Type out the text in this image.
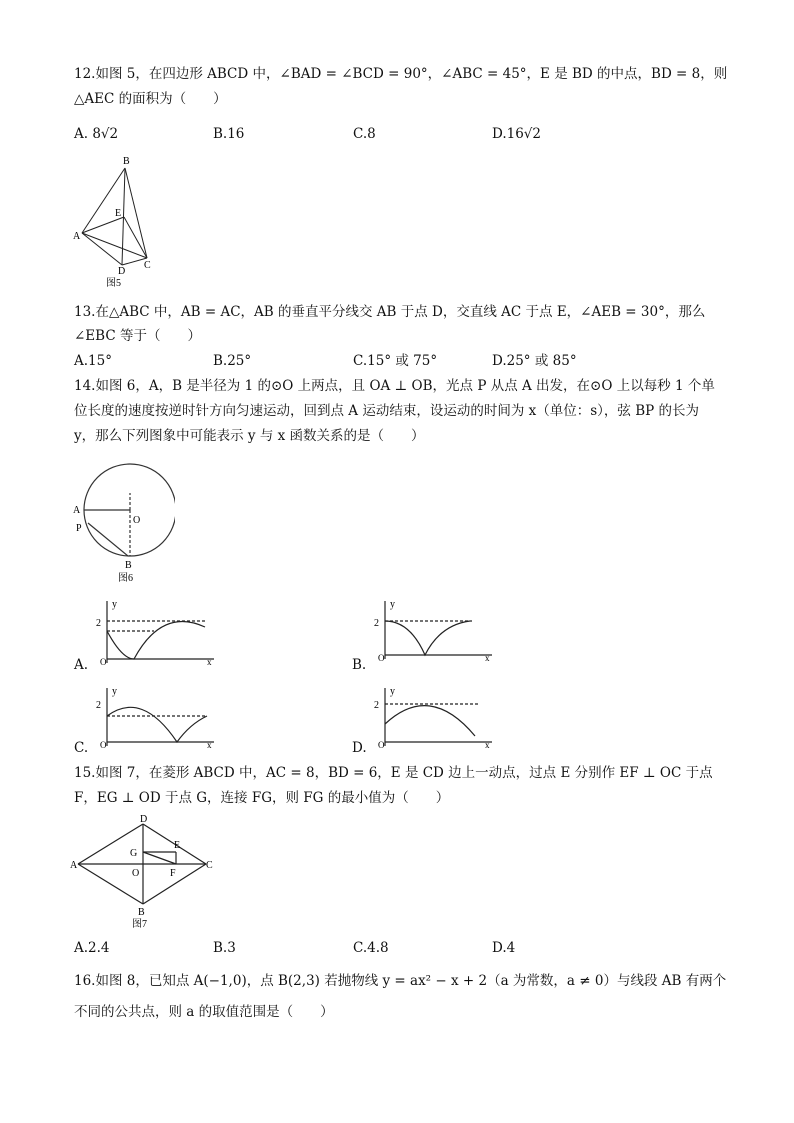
12.如图 5，在四边形 ABCD 中，∠BAD = ∠BCD = 90°，∠ABC = 45°，E 是 BD 的中点，BD = 8，则
△AEC 的面积为（　　）
A. 8√2	B.16	C.8	D.16√2
B
E
A
D
C
图5
13.在△ABC 中，AB = AC，AB 的垂直平分线交 AB 于点 D，交直线 AC 于点 E，∠AEB = 30°，那么
∠EBC 等于（　　）
A.15°	B.25°	C.15° 或 75°	D.25° 或 85°
14.如图 6，A，B 是半径为 1 的⊙O 上两点，且 OA ⊥ OB，光点 P 从点 A 出发，在⊙O 上以每秒 1 个单
位长度的速度按逆时针方向匀速运动，回到点 A 运动结束，设运动的时间为 x（单位：s），弦 BP 的长为
y，那么下列图象中可能表示 y 与 x 函数关系的是（　　）
A
P
O
B
图6
y
2
O	x
A.
y
2
O	x
B.
y
2
O	x
C.
y
2
O	x
D.
15.如图 7，在菱形 ABCD 中，AC = 8，BD = 6，E 是 CD 边上一动点，过点 E 分别作 EF ⊥ OC 于点
F，EG ⊥ OD 于点 G，连接 FG，则 FG 的最小值为（　　）
D
G
E
A
O	F
C
B
图7
A.2.4	B.3	C.4.8	D.4
16.如图 8，已知点 A(−1,0)，点 B(2,3) 若抛物线 y = ax² − x + 2（a 为常数，a ≠ 0）与线段 AB 有两个
不同的公共点，则 a 的取值范围是（　　）
